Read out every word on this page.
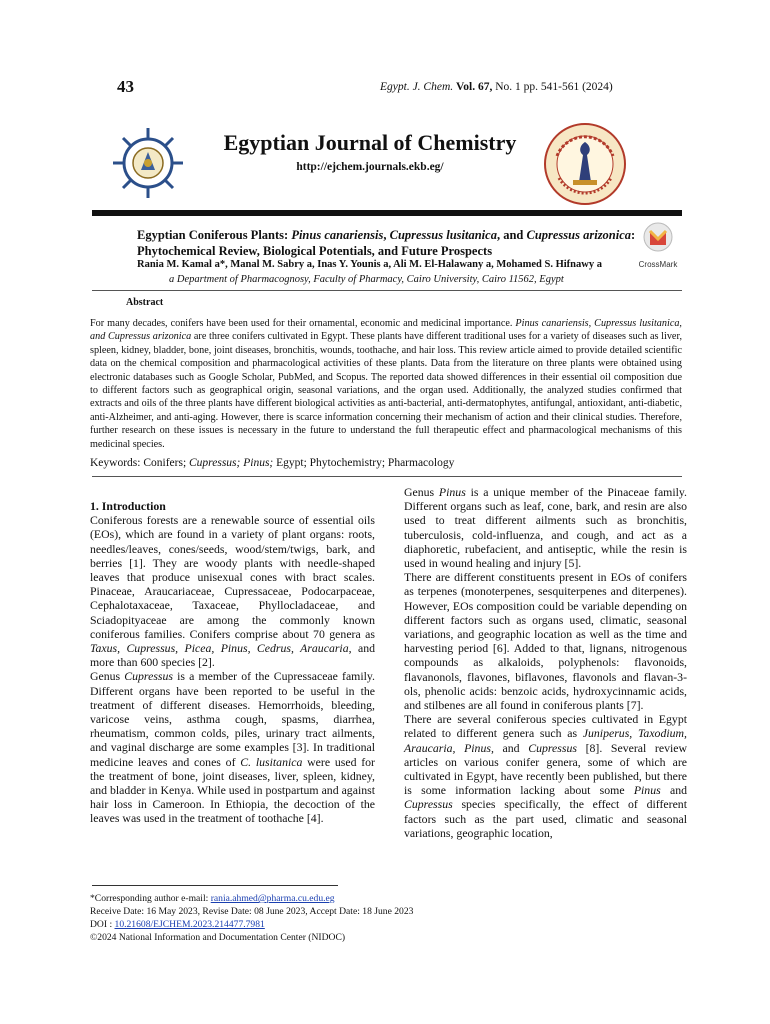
43	Egypt. J. Chem. Vol. 67, No. 1 pp. 541-561 (2024)
Egyptian Journal of Chemistry
http://ejchem.journals.ekb.eg/
Egyptian Coniferous Plants: Pinus canariensis, Cupressus lusitanica, and Cupressus arizonica: Phytochemical Review, Biological Potentials, and Future Prospects
Rania M. Kamal a*, Manal M. Sabry a, Inas Y. Younis a, Ali M. El-Halawany a, Mohamed S. Hifnawy a
a Department of Pharmacognosy, Faculty of Pharmacy, Cairo University, Cairo 11562, Egypt
CrossMark
Abstract
For many decades, conifers have been used for their ornamental, economic and medicinal importance. Pinus canariensis, Cupressus lusitanica, and Cupressus arizonica are three conifers cultivated in Egypt. These plants have different traditional uses for a variety of diseases such as liver, spleen, kidney, bladder, bone, joint diseases, bronchitis, wounds, toothache, and hair loss. This review article aimed to provide detailed scientific data on the chemical composition and pharmacological activities of these plants. Data from the literature on three plants were obtained using electronic databases such as Google Scholar, PubMed, and Scopus. The reported data showed differences in their essential oil composition due to different factors such as geographical origin, seasonal variations, and the organ used. Additionally, the analyzed studies confirmed that extracts and oils of the three plants have different biological activities as anti-bacterial, anti-dermatophytes, antifungal, antioxidant, anti-diabetic, anti-Alzheimer, and anti-aging. However, there is scarce information concerning their mechanism of action and their clinical studies. Therefore, further research on these issues is necessary in the future to understand the full therapeutic effect and pharmacological mechanisms of this medicinal species.
Keywords: Conifers; Cupressus; Pinus; Egypt; Phytochemistry; Pharmacology
1. Introduction

Coniferous forests are a renewable source of essential oils (EOs), which are found in a variety of plant organs: roots, needles/leaves, cones/seeds, wood/stem/twigs, bark, and berries [1]. They are woody plants with needle-shaped leaves that produce unisexual cones with bract scales. Pinaceae, Araucariaceae, Cupressaceae, Podocarpaceae, Cephalotaxaceae, Taxaceae, Phyllocladaceae, and Sciadopityaceae are among the commonly known coniferous families. Conifers comprise about 70 genera as Taxus, Cupressus, Picea, Pinus, Cedrus, Araucaria, and more than 600 species [2].

Genus Cupressus is a member of the Cupressaceae family. Different organs have been reported to be useful in the treatment of different diseases. Hemorrhoids, bleeding, varicose veins, asthma cough, spasms, diarrhea, rheumatism, common colds, piles, urinary tract ailments, and vaginal discharge are some examples [3]. In traditional medicine leaves and cones of C. lusitanica were used for the treatment of bone, joint diseases, liver, spleen, kidney, and bladder in Kenya. While used in postpartum and against hair loss in Cameroon. In Ethiopia, the decoction of the leaves was used in the treatment of toothache [4].

Genus Pinus is a unique member of the Pinaceae family. Different organs such as leaf, cone, bark, and resin are also used to treat different ailments such as bronchitis, tuberculosis, cold-influenza, and cough, and act as a diaphoretic, rubefacient, and antiseptic, while the resin is used in wound healing and injury [5].

There are different constituents present in EOs of conifers as terpenes (monoterpenes, sesquiterpenes and diterpenes). However, EOs composition could be variable depending on different factors such as organs used, climatic, seasonal variations, and geographic location as well as the time and harvesting period [6]. Added to that, lignans, nitrogenous compounds as alkaloids, polyphenols: flavonoids, flavanonols, flavones, biflavones, flavonols and flavan-3-ols, phenolic acids: benzoic acids, hydroxycinnamic acids, and stilbenes are all found in coniferous plants [7].

There are several coniferous species cultivated in Egypt related to different genera such as Juniperus, Taxodium, Araucaria, Pinus, and Cupressus [8]. Several review articles on various conifer genera, some of which are cultivated in Egypt, have recently been published, but there is some information lacking about some Pinus and Cupressus species specifically, the effect of different factors such as the part used, climatic and seasonal variations, geographic location,

*Corresponding author e-mail: rania.ahmed@pharma.cu.edu.eg
Receive Date: 16 May 2023, Revise Date: 08 June 2023, Accept Date: 18 June 2023
DOI : 10.21608/EJCHEM.2023.214477.7981
©2024 National Information and Documentation Center (NIDOC)
